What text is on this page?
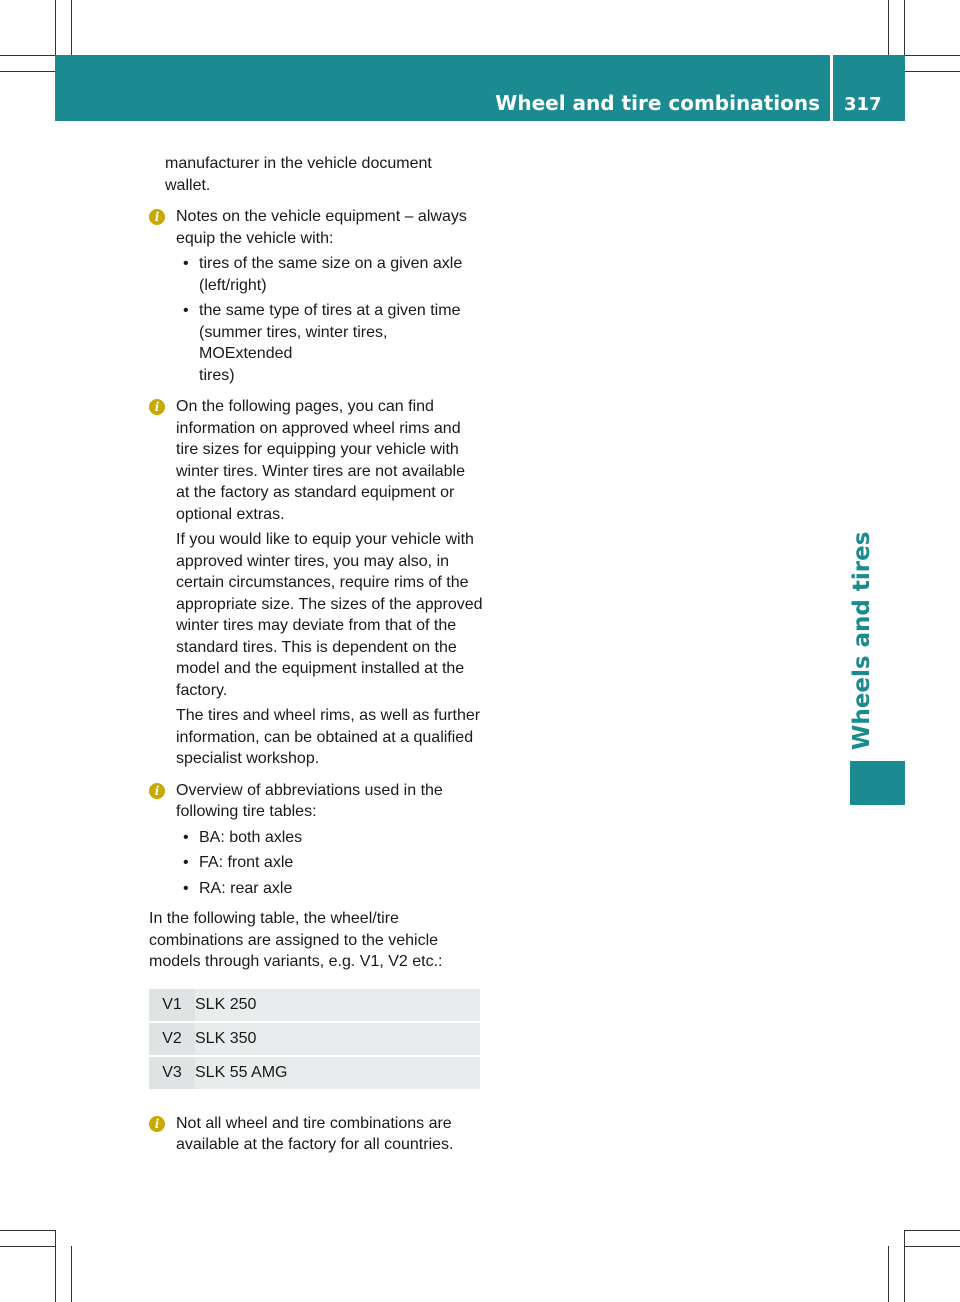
Wheel and tire combinations 317
Wheels and tires

manufacturer in the vehicle document

wallet.

i	Notes on the vehicle equipment – always

equip the vehicle with:

• tires of the same size on a given axle

(left/right)

• the same type of tires at a given time

(summer tires, winter tires, MOExtended

tires)

i	On the following pages, you can find

information on approved wheel rims and

tire sizes for equipping your vehicle with

winter tires. Winter tires are not available

at the factory as standard equipment or

optional extras.

If you would like to equip your vehicle with

approved winter tires, you may also, in

certain circumstances, require rims of the

appropriate size. The sizes of the approved

winter tires may deviate from that of the

standard tires. This is dependent on the

model and the equipment installed at the

factory.

The tires and wheel rims, as well as further

information, can be obtained at a qualified

specialist workshop.

i	Overview of abbreviations used in the

following tire tables:

• BA: both axles
• FA: front axle
• RA: rear axle

In the following table, the wheel/tire

combinations are assigned to the vehicle

models through variants, e.g. V1, V2 etc.:

V1	SLK 250
V2	SLK 350
V3	SLK 55 AMG
i	Not all wheel and tire combinations are

available at the factory for all countries.
